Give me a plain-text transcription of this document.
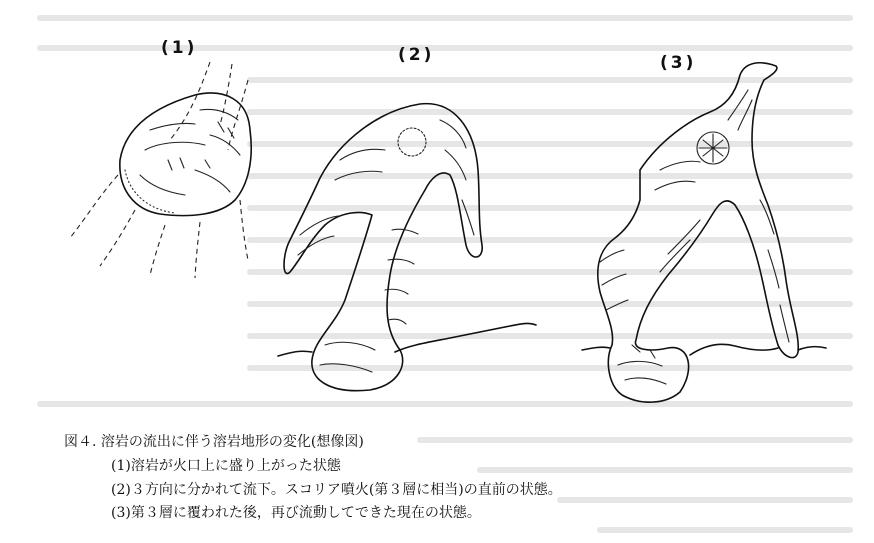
(1)	(2)	(3)
図４. 溶岩の流出に伴う溶岩地形の変化(想像図)
(1)溶岩が火口上に盛り上がった状態
(2)３方向に分かれて流下。スコリア噴火(第３層に相当)の直前の状態。
(3)第３層に覆われた後，再び流動してできた現在の状態。
